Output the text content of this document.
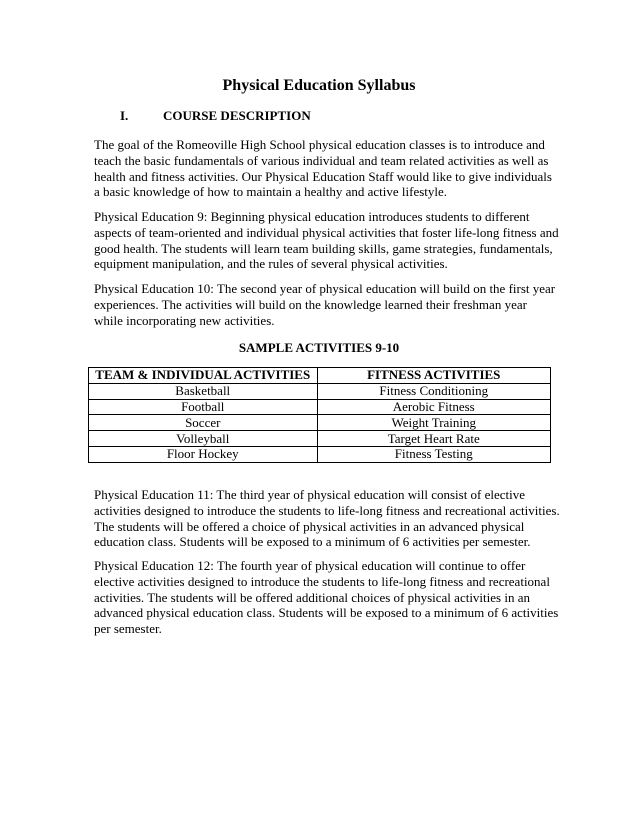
Physical Education Syllabus
I.	COURSE DESCRIPTION
The goal of the Romeoville High School physical education classes is to introduce and
teach the basic fundamentals of various individual and team related activities as well as
health and fitness activities. Our Physical Education Staff would like to give individuals
a basic knowledge of how to maintain a healthy and active lifestyle.
Physical Education 9: Beginning physical education introduces students to different
aspects of team-oriented and individual physical activities that foster life-long fitness and
good health. The students will learn team building skills, game strategies, fundamentals,
equipment manipulation, and the rules of several physical activities.
Physical Education 10: The second year of physical education will build on the first year
experiences. The activities will build on the knowledge learned their freshman year
while incorporating new activities.
SAMPLE ACTIVITIES 9-10
TEAM & INDIVIDUAL ACTIVITIES	FITNESS ACTIVITIES
Basketball	Fitness Conditioning
Football	Aerobic Fitness
Soccer	Weight Training
Volleyball	Target Heart Rate
Floor Hockey	Fitness Testing
Physical Education 11: The third year of physical education will consist of elective
activities designed to introduce the students to life-long fitness and recreational activities.
The students will be offered a choice of physical activities in an advanced physical
education class. Students will be exposed to a minimum of 6 activities per semester.
Physical Education 12: The fourth year of physical education will continue to offer
elective activities designed to introduce the students to life-long fitness and recreational
activities. The students will be offered additional choices of physical activities in an
advanced physical education class. Students will be exposed to a minimum of 6 activities
per semester.
